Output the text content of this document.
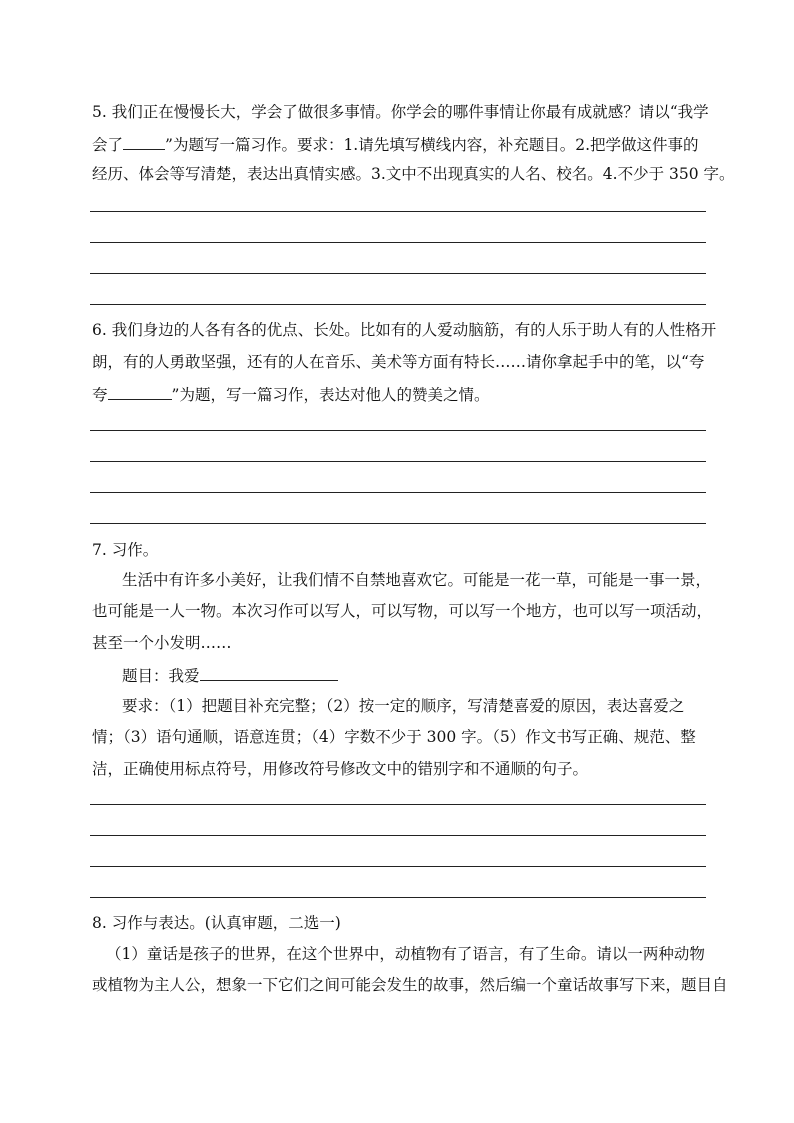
5. 我们正在慢慢长大，学会了做很多事情。你学会的哪件事情让你最有成就感？请以“我学
会了	”为题写一篇习作。要求：1.请先填写横线内容，补充题目。2.把学做这件事的
经历、体会等写清楚，表达出真情实感。3.文中不出现真实的人名、校名。4.不少于 350 字。
6. 我们身边的人各有各的优点、长处。比如有的人爱动脑筋，有的人乐于助人有的人性格开
朗，有的人勇敢坚强，还有的人在音乐、美术等方面有特长……请你拿起手中的笔，以“夸
夸	”为题，写一篇习作，表达对他人的赞美之情。
7. 习作。
生活中有许多小美好，让我们情不自禁地喜欢它。可能是一花一草，可能是一事一景，
也可能是一人一物。本次习作可以写人，可以写物，可以写一个地方，也可以写一项活动，
甚至一个小发明……
题目：我爱
要求：（1）把题目补充完整；（2）按一定的顺序，写清楚喜爱的原因，表达喜爱之
情；（3）语句通顺，语意连贯；（4）字数不少于 300 字。（5）作文书写正确、规范、整
洁，正确使用标点符号，用修改符号修改文中的错别字和不通顺的句子。
8. 习作与表达。(认真审题，二选一)
（1）童话是孩子的世界，在这个世界中，动植物有了语言，有了生命。请以一两种动物
或植物为主人公，想象一下它们之间可能会发生的故事，然后编一个童话故事写下来，题目自
